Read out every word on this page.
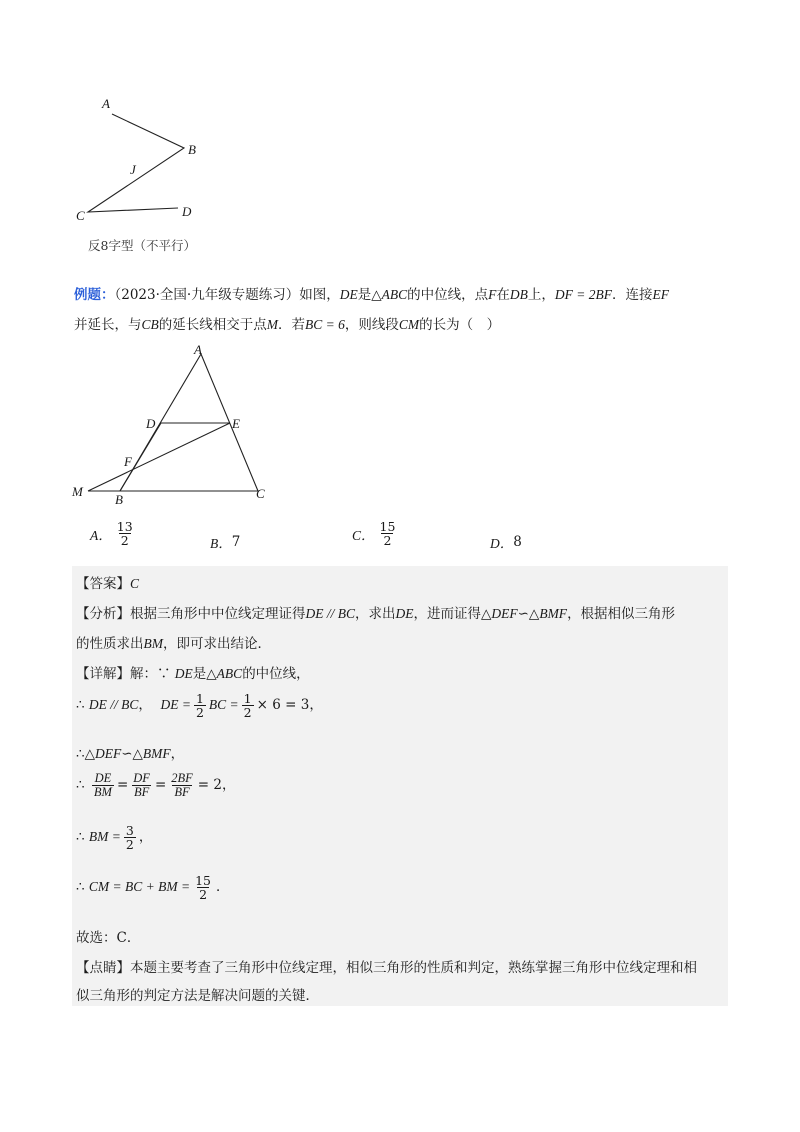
A
B
J
C	D
反8字型（不平行）
例题：（2023·全国·九年级专题练习）如图，DE是△ABC的中位线，点F在DB上，DF = 2BF．连接EF
并延长，与CB的延长线相交于点M．若BC = 6，则线段CM的长为（　）
A
D	E
F
M
B	C
A． $\frac{13}{2}$	B． 7	C． $\frac{15}{2}$	D． 8
【答案】C
【分析】根据三角形中中位线定理证得DE // BC，求出DE，进而证得△DEF∽△BMF，根据相似三角形
的性质求出BM，即可求出结论．
【详解】解：∵ DE是△ABC的中位线，
∴ DE // BC， DE = $\frac{1}{2}$ BC = $\frac{1}{2} \times 6 = 3$，
∴△DEF∽△BMF，
∴ $\frac{DE}{BM} = \frac{DF}{BF} = \frac{2BF}{BF} = 2$，
∴ BM = $\frac{3}{2}$ ，
∴ CM = BC + BM = $\frac{15}{2}$ ．
故选：C．
【点睛】本题主要考查了三角形中位线定理，相似三角形的性质和判定，熟练掌握三角形中位线定理和相
似三角形的判定方法是解决问题的关键．
